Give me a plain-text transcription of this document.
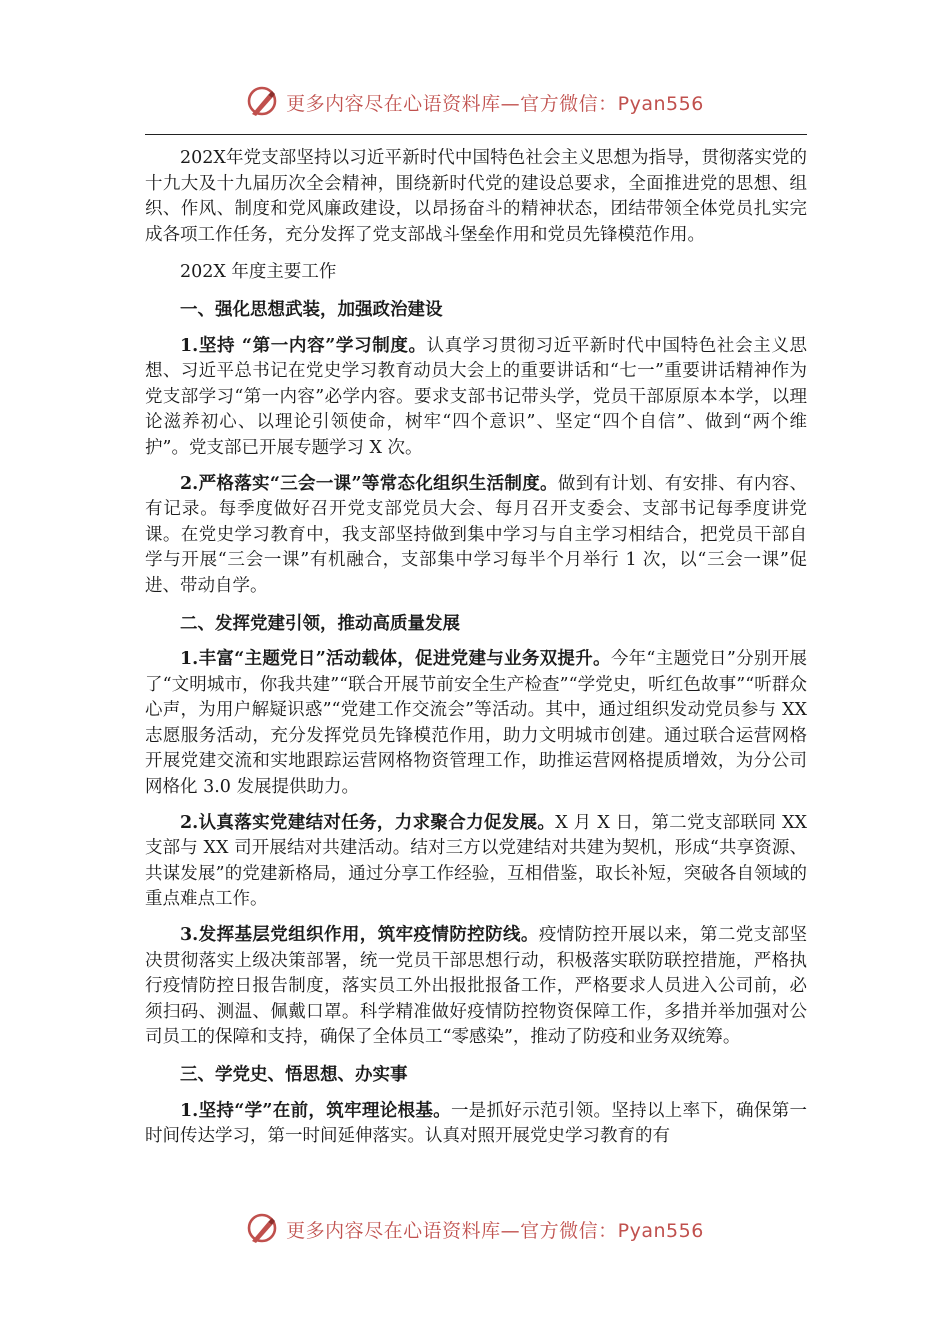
更多内容尽在心语资料库—官方微信：Pyan556

202X年党支部坚持以习近平新时代中国特色社会主义思想为指导，贯彻落实党的十九大及十九届历次全会精神，围绕新时代党的建设总要求，全面推进党的思想、组织、作风、制度和党风廉政建设，以昂扬奋斗的精神状态，团结带领全体党员扎实完成各项工作任务，充分发挥了党支部战斗堡垒作用和党员先锋模范作用。

202X 年度主要工作

一、强化思想武装，加强政治建设

1.坚持 “第一内容”学习制度。认真学习贯彻习近平新时代中国特色社会主义思想、习近平总书记在党史学习教育动员大会上的重要讲话和“七一”重要讲话精神作为党支部学习“第一内容”必学内容。要求支部书记带头学，党员干部原原本本学，以理论滋养初心、以理论引领使命，树牢“四个意识”、坚定“四个自信”、做到“两个维护”。党支部已开展专题学习 X 次。

2.严格落实“三会一课”等常态化组织生活制度。做到有计划、有安排、有内容、有记录。每季度做好召开党支部党员大会、每月召开支委会、支部书记每季度讲党课。在党史学习教育中，我支部坚持做到集中学习与自主学习相结合，把党员干部自学与开展“三会一课”有机融合，支部集中学习每半个月举行 1 次，以“三会一课”促进、带动自学。

二、发挥党建引领，推动高质量发展

1.丰富“主题党日”活动载体，促进党建与业务双提升。今年“主题党日”分别开展了“文明城市，你我共建”“联合开展节前安全生产检查”“学党史，听红色故事”“听群众心声，为用户解疑识惑”“党建工作交流会”等活动。其中，通过组织发动党员参与 XX 志愿服务活动，充分发挥党员先锋模范作用，助力文明城市创建。通过联合运营网格开展党建交流和实地跟踪运营网格物资管理工作，助推运营网格提质增效，为分公司网格化 3.0 发展提供助力。

2.认真落实党建结对任务，力求聚合力促发展。X 月 X 日，第二党支部联同 XX 支部与 XX 司开展结对共建活动。结对三方以党建结对共建为契机，形成“共享资源、共谋发展”的党建新格局，通过分享工作经验，互相借鉴，取长补短，突破各自领域的重点难点工作。

3.发挥基层党组织作用，筑牢疫情防控防线。疫情防控开展以来，第二党支部坚决贯彻落实上级决策部署，统一党员干部思想行动，积极落实联防联控措施，严格执行疫情防控日报告制度，落实员工外出报批报备工作，严格要求人员进入公司前，必须扫码、测温、佩戴口罩。科学精准做好疫情防控物资保障工作，多措并举加强对公司员工的保障和支持，确保了全体员工“零感染”，推动了防疫和业务双统筹。

三、学党史、悟思想、办实事

1.坚持“学”在前，筑牢理论根基。一是抓好示范引领。坚持以上率下，确保第一时间传达学习，第一时间延伸落实。认真对照开展党史学习教育的有

更多内容尽在心语资料库—官方微信：Pyan556
